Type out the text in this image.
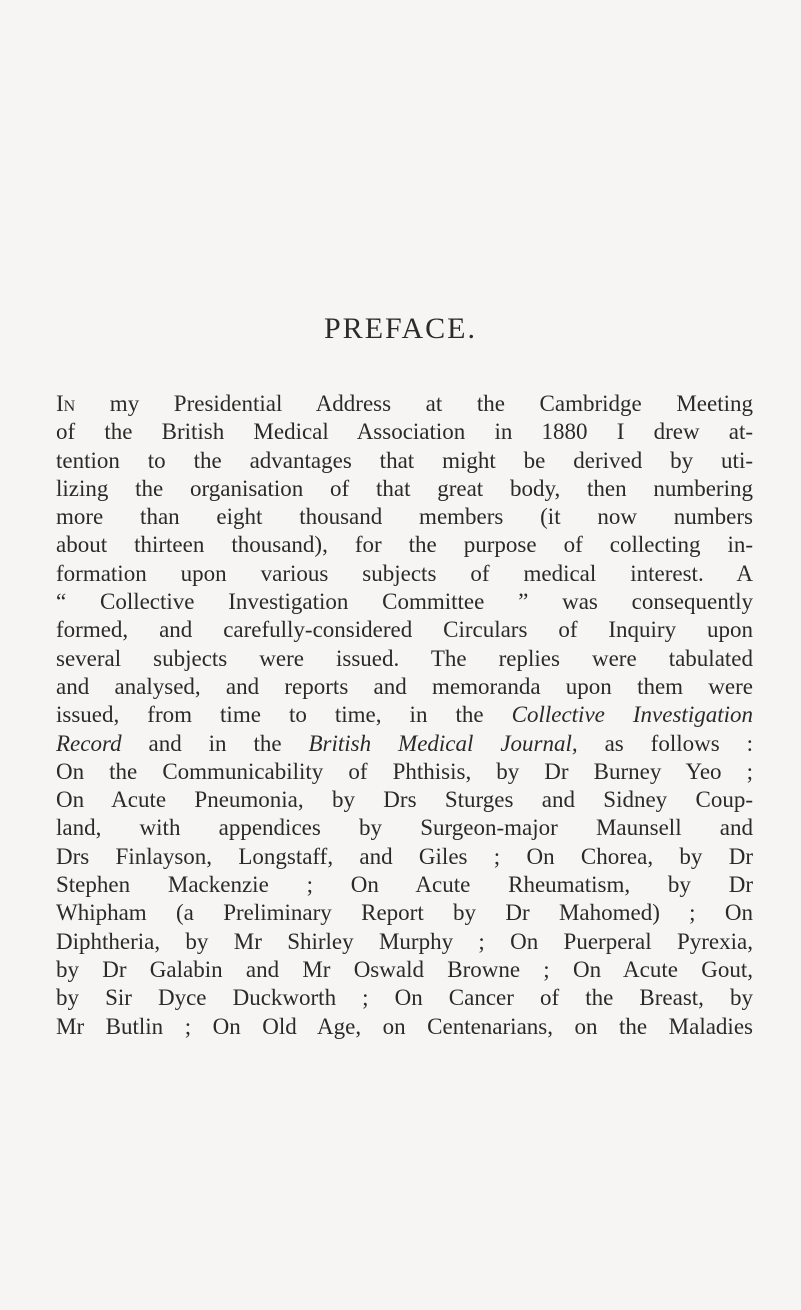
PREFACE.
In my Presidential Address at the Cambridge Meeting
of the British Medical Association in 1880 I drew at-
tention to the advantages that might be derived by uti-
lizing the organisation of that great body, then numbering
more than eight thousand members (it now numbers
about thirteen thousand), for the purpose of collecting in-
formation upon various subjects of medical interest. A
“ Collective Investigation Committee ” was consequently
formed, and carefully-considered Circulars of Inquiry upon
several subjects were issued. The replies were tabulated
and analysed, and reports and memoranda upon them were
issued, from time to time, in the Collective Investigation
Record and in the British Medical Journal, as follows :
On the Communicability of Phthisis, by Dr Burney Yeo ;
On Acute Pneumonia, by Drs Sturges and Sidney Coup-
land, with appendices by Surgeon-major Maunsell and
Drs Finlayson, Longstaff, and Giles ; On Chorea, by Dr
Stephen Mackenzie ; On Acute Rheumatism, by Dr
Whipham (a Preliminary Report by Dr Mahomed) ; On
Diphtheria, by Mr Shirley Murphy ; On Puerperal Pyrexia,
by Dr Galabin and Mr Oswald Browne ; On Acute Gout,
by Sir Dyce Duckworth ; On Cancer of the Breast, by
Mr Butlin ; On Old Age, on Centenarians, on the Maladies
